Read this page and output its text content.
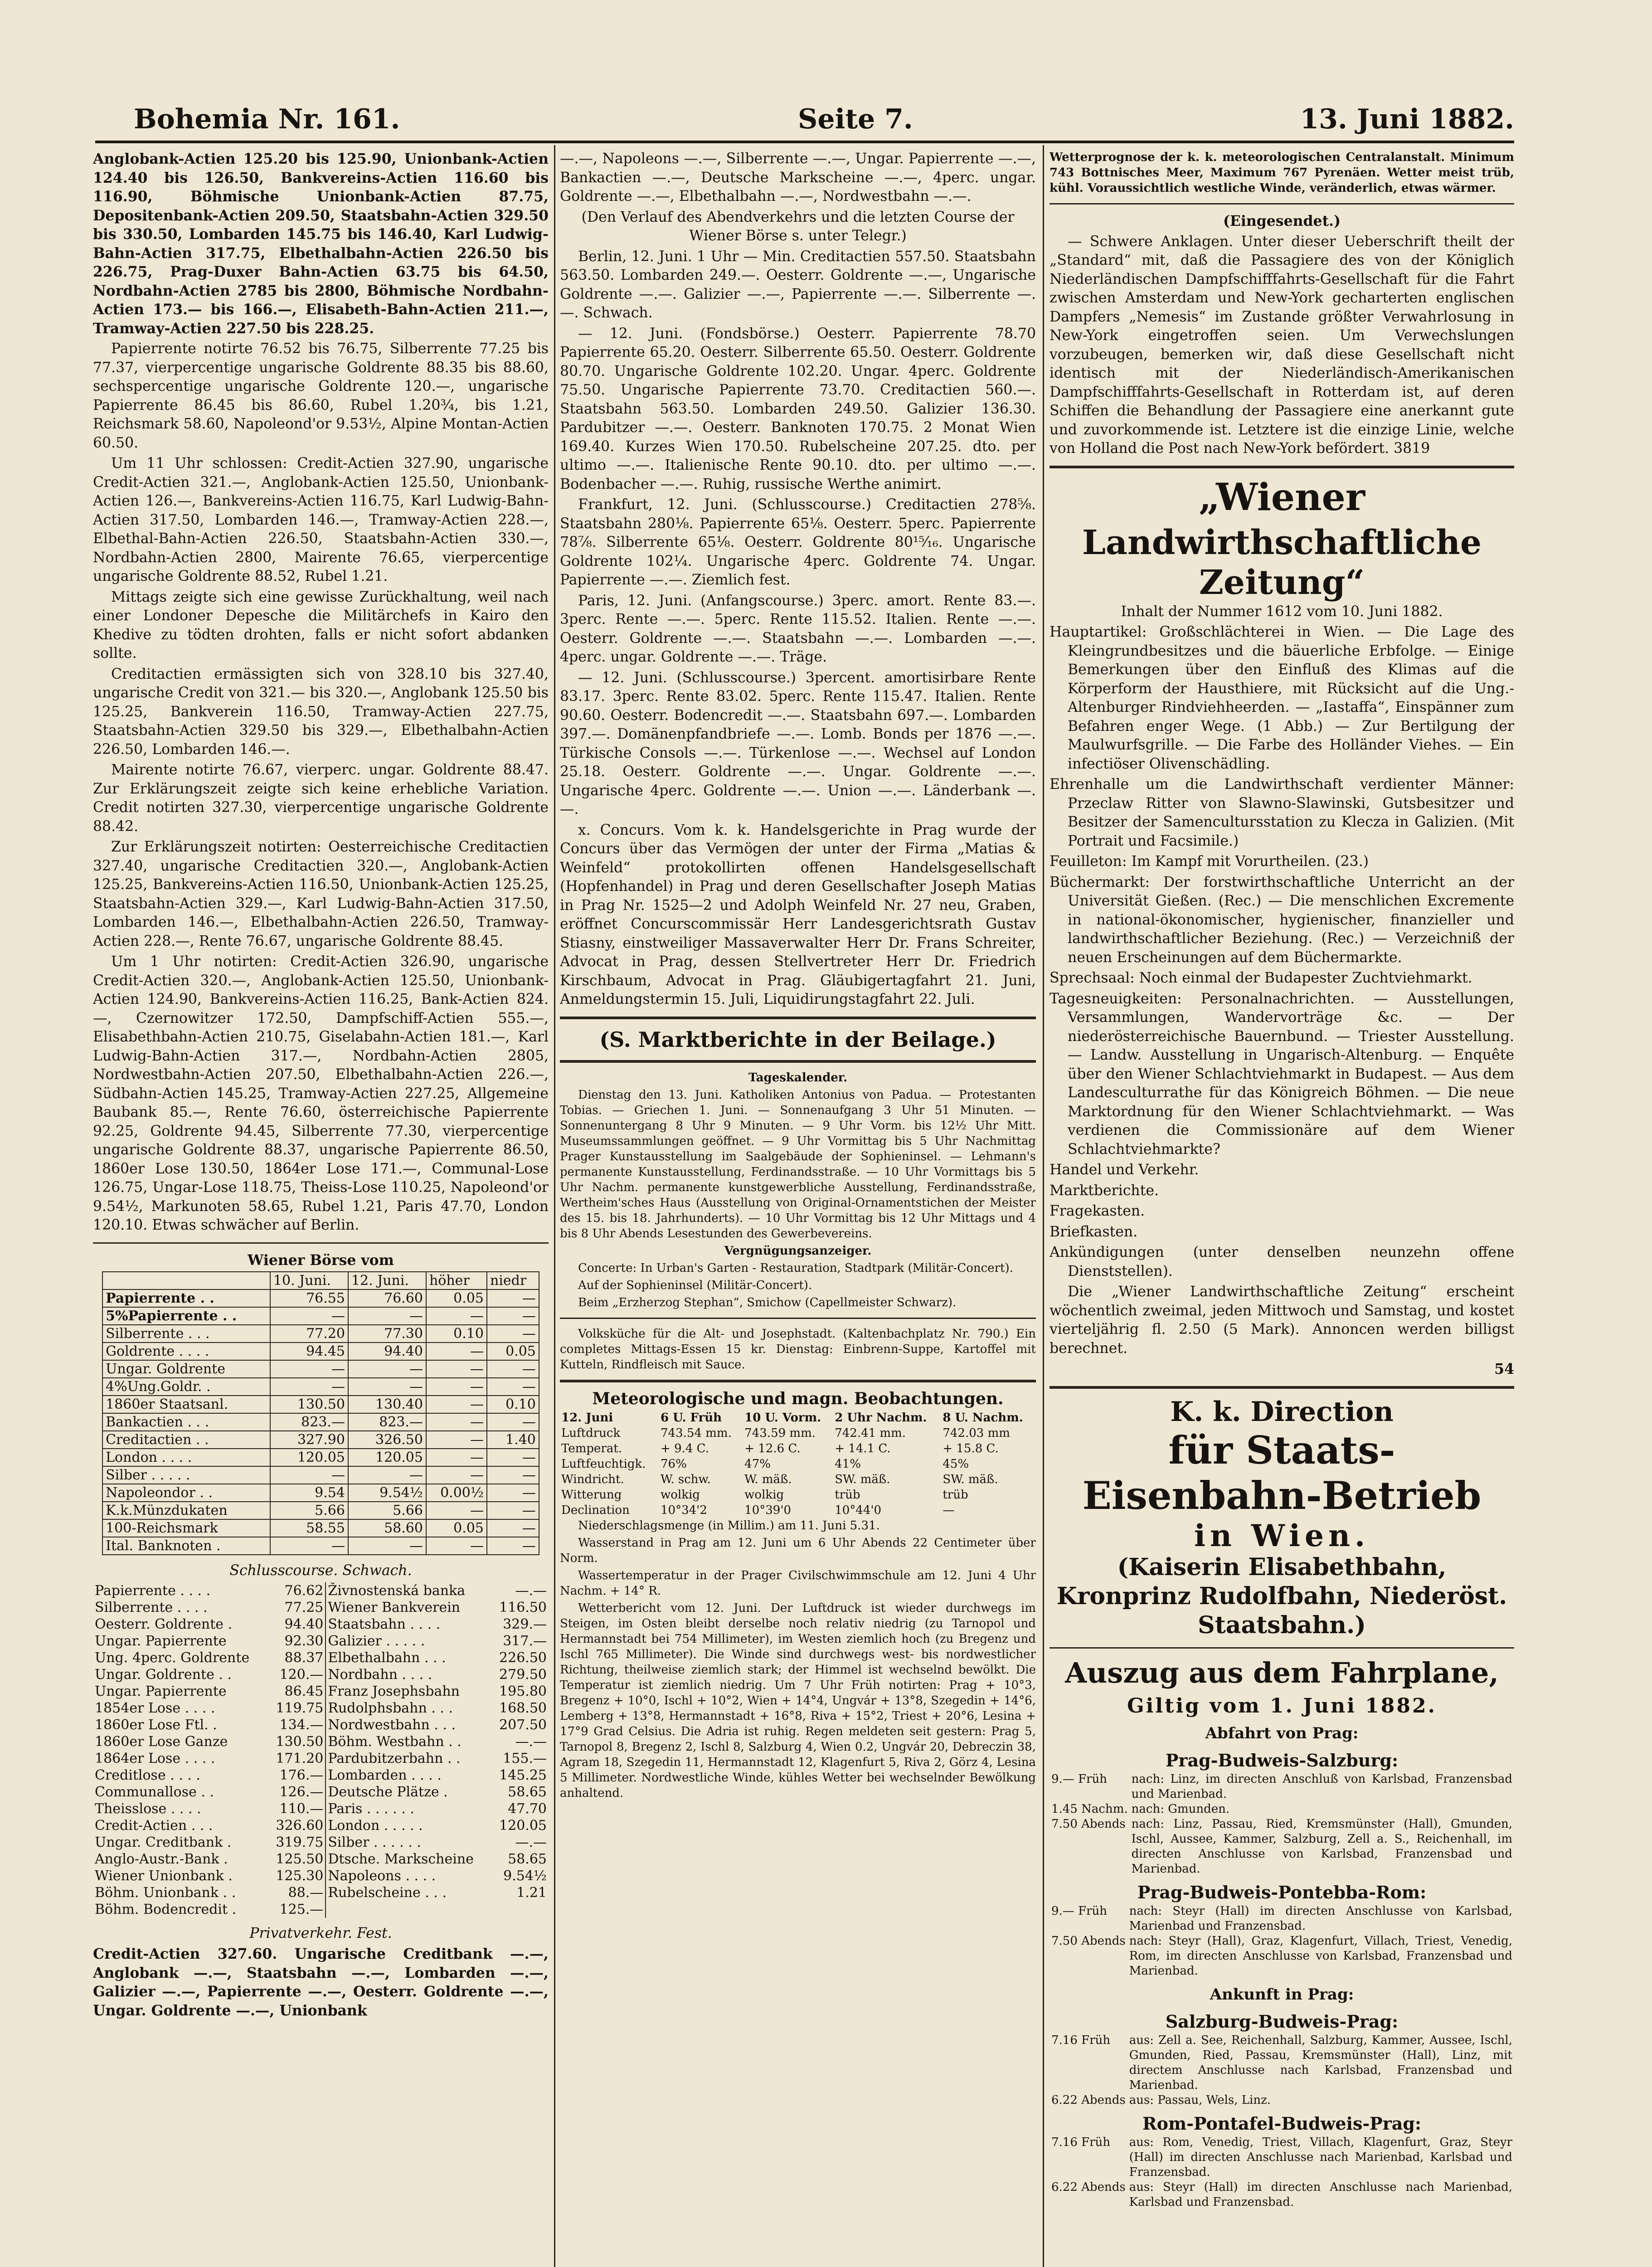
Bohemia Nr. 161.	Seite 7.	13. Juni 1882.

Anglobank-Actien 125.20 bis 125.90, Unionbank-Actien 124.40 bis 126.50, Bankvereins-Actien 116.60 bis 116.90, Böhmische Unionbank-Actien 87.75, Depositenbank-Actien 209.50, Staatsbahn-Actien 329.50 bis 330.50, Lombarden 145.75 bis 146.40, Karl Ludwig-Bahn-Actien 317.75, Elbethalbahn-Actien 226.50 bis 226.75, Prag-Duxer Bahn-Actien 63.75 bis 64.50, Nordbahn-Actien 2785 bis 2800, Böhmische Nordbahn-Actien 173.— bis 166.—, Elisabeth-Bahn-Actien 211.—, Tramway-Actien 227.50 bis 228.25.

Papierrente notirte 76.52 bis 76.75, Silberrente 77.25 bis 77.37, vierpercentige ungarische Goldrente 88.35 bis 88.60, sechspercentige ungarische Goldrente 120.—, ungarische Papierrente 86.45 bis 86.60, Rubel 1.20¾, bis 1.21, Reichsmark 58.60, Napoleond'or 9.53½, Alpine Montan-Actien 60.50.

Um 11 Uhr schlossen: Credit-Actien 327.90, ungarische Credit-Actien 321.—, Anglobank-Actien 125.50, Unionbank-Actien 126.—, Bankvereins-Actien 116.75, Karl Ludwig-Bahn-Actien 317.50, Lombarden 146.—, Tramway-Actien 228.—, Elbethal-Bahn-Actien 226.50, Staatsbahn-Actien 330.—, Nordbahn-Actien 2800, Mairente 76.65, vierpercentige ungarische Goldrente 88.52, Rubel 1.21.

Mittags zeigte sich eine gewisse Zurückhaltung, weil nach einer Londoner Depesche die Militärchefs in Kairo den Khedive zu tödten drohten, falls er nicht sofort abdanken sollte.

Creditactien ermässigten sich von 328.10 bis 327.40, ungarische Credit von 321.— bis 320.—, Anglobank 125.50 bis 125.25, Bankverein 116.50, Tramway-Actien 227.75, Staatsbahn-Actien 329.50 bis 329.—, Elbethalbahn-Actien 226.50, Lombarden 146.—.

Mairente notirte 76.67, vierperc. ungar. Goldrente 88.47. Zur Erklärungszeit zeigte sich keine erhebliche Variation. Credit notirten 327.30, vierpercentige ungarische Goldrente 88.42.

Zur Erklärungszeit notirten: Oesterreichische Creditactien 327.40, ungarische Creditactien 320.—, Anglobank-Actien 125.25, Bankvereins-Actien 116.50, Unionbank-Actien 125.25, Staatsbahn-Actien 329.—, Karl Ludwig-Bahn-Actien 317.50, Lombarden 146.—, Elbethalbahn-Actien 226.50, Tramway-Actien 228.—, Rente 76.67, ungarische Goldrente 88.45.

Um 1 Uhr notirten: Credit-Actien 326.90, ungarische Credit-Actien 320.—, Anglobank-Actien 125.50, Unionbank-Actien 124.90, Bankvereins-Actien 116.25, Bank-Actien 824.—, Czernowitzer 172.50, Dampfschiff-Actien 555.—, Elisabethbahn-Actien 210.75, Giselabahn-Actien 181.—, Karl Ludwig-Bahn-Actien 317.—, Nordbahn-Actien 2805, Nordwestbahn-Actien 207.50, Elbethalbahn-Actien 226.—, Südbahn-Actien 145.25, Tramway-Actien 227.25, Allgemeine Baubank 85.—, Rente 76.60, österreichische Papierrente 92.25, Goldrente 94.45, Silberrente 77.30, vierpercentige ungarische Goldrente 88.37, ungarische Papierrente 86.50, 1860er Lose 130.50, 1864er Lose 171.—, Communal-Lose 126.75, Ungar-Lose 118.75, Theiss-Lose 110.25, Napoleond'or 9.54½, Markunoten 58.65, Rubel 1.21, Paris 47.70, London 120.10. Etwas schwächer auf Berlin.

Wiener Börse vom

	10. Juni.	12. Juni.	höher	niedr
Papierrente . .	76.55	76.60	0.05	—
5%Papierrente . .	—	—	—	—
Silberrente . . .	77.20	77.30	0.10	—
Goldrente . . . .	94.45	94.40	—	0.05
Ungar. Goldrente	—	—	—	—
4%Ung.Goldr. .	—	—	—	—
1860er Staatsanl.	130.50	130.40	—	0.10
Bankactien . . .	823.—	823.—	—	—
Creditactien . .	327.90	326.50	—	1.40
London . . . .	120.05	120.05	—	—
Silber . . . . .	—	—	—	—
Napoleondor . .	9.54	9.54½	0.00½	—
K.k.Münzdukaten	5.66	5.66	—	—
100-Reichsmark	58.55	58.60	0.05	—
Ital. Banknoten .	—	—	—	—

Schlusscourse. Schwach.

Papierrente . . . .	76.62	Živnostenská banka	—.—
Silberrente . . . .	77.25	Wiener Bankverein	116.50
Oesterr. Goldrente .	94.40	Staatsbahn . . . .	329.—
Ungar. Papierrente	92.30	Galizier . . . . .	317.—
Ung. 4perc. Goldrente	88.37	Elbethalbahn . . .	226.50
Ungar. Goldrente . .	120.—	Nordbahn . . . .	279.50
Ungar. Papierrente	86.45	Franz Josephsbahn	195.80
1854er Lose . . . .	119.75	Rudolphsbahn . . .	168.50
1860er Lose Ftl. .	134.—	Nordwestbahn . . .	207.50
1860er Lose Ganze	130.50	Böhm. Westbahn . .	—.—
1864er Lose . . . .	171.20	Pardubitzerbahn . .	155.—
Creditlose . . . .	176.—	Lombarden . . . .	145.25
Communallose . .	126.—	Deutsche Plätze .	58.65
Theisslose . . . .	110.—	Paris . . . . . .	47.70
Credit-Actien . . .	326.60	London . . . . .	120.05
Ungar. Creditbank .	319.75	Silber . . . . . .	—.—
Anglo-Austr.-Bank .	125.50	Dtsche. Markscheine	58.65
Wiener Unionbank .	125.30	Napoleons . . . .	9.54½
Böhm. Unionbank . .	88.—	Rubelscheine . . .	1.21
Böhm. Bodencredit .	125.—		

Privatverkehr. Fest.

Credit-Actien 327.60. Ungarische Creditbank —.—, Anglobank —.—, Staatsbahn —.—, Lombarden —.—, Galizier —.—, Papierrente —.—, Oesterr. Goldrente —.—, Ungar. Goldrente —.—, Unionbank

—.—, Napoleons —.—, Silberrente —.—, Ungar. Papierrente —.—, Bankactien —.—, Deutsche Markscheine —.—, 4perc. ungar. Goldrente —.—, Elbethalbahn —.—, Nordwestbahn —.—.

(Den Verlauf des Abendverkehrs und die letzten Course der Wiener Börse s. unter Telegr.)

Berlin, 12. Juni. 1 Uhr — Min. Creditactien 557.50. Staatsbahn 563.50. Lombarden 249.—. Oesterr. Goldrente —.—, Ungarische Goldrente —.—. Galizier —.—, Papierrente —.—. Silberrente —.—. Schwach.

— 12. Juni. (Fondsbörse.) Oesterr. Papierrente 78.70 Papierrente 65.20. Oesterr. Silberrente 65.50. Oesterr. Goldrente 80.70. Ungarische Goldrente 102.20. Ungar. 4perc. Goldrente 75.50. Ungarische Papierrente 73.70. Creditactien 560.—. Staatsbahn 563.50. Lombarden 249.50. Galizier 136.30. Pardubitzer —.—. Oesterr. Banknoten 170.75. 2 Monat Wien 169.40. Kurzes Wien 170.50. Rubelscheine 207.25. dto. per ultimo —.—. Italienische Rente 90.10. dto. per ultimo —.—. Bodenbacher —.—. Ruhig, russische Werthe animirt.

Frankfurt, 12. Juni. (Schlusscourse.) Creditactien 278⅝. Staatsbahn 280⅛. Papierrente 65⅛. Oesterr. 5perc. Papierrente 78⅞. Silberrente 65⅛. Oesterr. Goldrente 80¹⁵⁄₁₆. Ungarische Goldrente 102¼. Ungarische 4perc. Goldrente 74. Ungar. Papierrente —.—. Ziemlich fest.

Paris, 12. Juni. (Anfangscourse.) 3perc. amort. Rente 83.—. 3perc. Rente —.—. 5perc. Rente 115.52. Italien. Rente —.—. Oesterr. Goldrente —.—. Staatsbahn —.—. Lombarden —.—. 4perc. ungar. Goldrente —.—. Träge.

— 12. Juni. (Schlusscourse.) 3percent. amortisirbare Rente 83.17. 3perc. Rente 83.02. 5perc. Rente 115.47. Italien. Rente 90.60. Oesterr. Bodencredit —.—. Staatsbahn 697.—. Lombarden 397.—. Domänenpfandbriefe —.—. Lomb. Bonds per 1876 —.—. Türkische Consols —.—. Türkenlose —.—. Wechsel auf London 25.18. Oesterr. Goldrente —.—. Ungar. Goldrente —.—. Ungarische 4perc. Goldrente —.—. Union —.—. Länderbank —.—.

x. Concurs. Vom k. k. Handelsgerichte in Prag wurde der Concurs über das Vermögen der unter der Firma „Matias & Weinfeld“ protokollirten offenen Handelsgesellschaft (Hopfenhandel) in Prag und deren Gesellschafter Joseph Matias in Prag Nr. 1525—2 und Adolph Weinfeld Nr. 27 neu, Graben, eröffnet Concurscommissär Herr Landesgerichtsrath Gustav Stiasny, einstweiliger Massaverwalter Herr Dr. Frans Schreiter, Advocat in Prag, dessen Stellvertreter Herr Dr. Friedrich Kirschbaum, Advocat in Prag. Gläubigertagfahrt 21. Juni, Anmeldungstermin 15. Juli, Liquidirungstagfahrt 22. Juli.

(S. Marktberichte in der Beilage.)

Tageskalender.

Dienstag den 13. Juni. Katholiken Antonius von Padua. — Protestanten Tobias. — Griechen 1. Juni. — Sonnenaufgang 3 Uhr 51 Minuten. — Sonnenuntergang 8 Uhr 9 Minuten. — 9 Uhr Vorm. bis 12½ Uhr Mitt. Museumssammlungen geöffnet. — 9 Uhr Vormittag bis 5 Uhr Nachmittag Prager Kunstausstellung im Saalgebäude der Sophieninsel. — Lehmann's permanente Kunstausstellung, Ferdinandsstraße. — 10 Uhr Vormittags bis 5 Uhr Nachm. permanente kunstgewerbliche Ausstellung, Ferdinandsstraße, Wertheim'sches Haus (Ausstellung von Original-Ornamentstichen der Meister des 15. bis 18. Jahrhunderts). — 10 Uhr Vormittag bis 12 Uhr Mittags und 4 bis 8 Uhr Abends Lesestunden des Gewerbevereins.

Vergnügungsanzeiger.

Concerte: In Urban's Garten - Restauration, Stadtpark (Militär-Concert).

Auf der Sophieninsel (Militär-Concert).

Beim „Erzherzog Stephan“, Smichow (Capellmeister Schwarz).

Volksküche für die Alt- und Josephstadt. (Kaltenbachplatz Nr. 790.) Ein completes Mittags-Essen 15 kr. Dienstag: Einbrenn-Suppe, Kartoffel mit Kutteln, Rindfleisch mit Sauce.

Meteorologische und magn. Beobachtungen.

12. Juni	6 U. Früh	10 U. Vorm.	2 Uhr Nachm.	8 U. Nachm.
Luftdruck	743.54 mm.	743.59 mm.	742.41 mm.	742.03 mm
Temperat.	+ 9.4 C.	+ 12.6 C.	+ 14.1 C.	+ 15.8 C.
Luftfeuchtigk.	76%	47%	41%	45%
Windricht.	W. schw.	W. mäß.	SW. mäß.	SW. mäß.
Witterung	wolkig	wolkig	trüb	trüb
Declination	10°34'2	10°39'0	10°44'0	—

Niederschlagsmenge (in Millim.) am 11. Juni 5.31.

Wasserstand in Prag am 12. Juni um 6 Uhr Abends 22 Centimeter über Norm.

Wassertemperatur in der Prager Civilschwimmschule am 12. Juni 4 Uhr Nachm. + 14° R.

Wetterbericht vom 12. Juni. Der Luftdruck ist wieder durchwegs im Steigen, im Osten bleibt derselbe noch relativ niedrig (zu Tarnopol und Hermannstadt bei 754 Millimeter), im Westen ziemlich hoch (zu Bregenz und Ischl 765 Millimeter). Die Winde sind durchwegs west- bis nordwestlicher Richtung, theilweise ziemlich stark; der Himmel ist wechselnd bewölkt. Die Temperatur ist ziemlich niedrig. Um 7 Uhr Früh notirten: Prag + 10°3, Bregenz + 10°0, Ischl + 10°2, Wien + 14°4, Ungvár + 13°8, Szegedin + 14°6, Lemberg + 13°8, Hermannstadt + 16°8, Riva + 15°2, Triest + 20°6, Lesina + 17°9 Grad Celsius. Die Adria ist ruhig. Regen meldeten seit gestern: Prag 5, Tarnopol 8, Bregenz 2, Ischl 8, Salzburg 4, Wien 0.2, Ungvár 20, Debreczin 38, Agram 18, Szegedin 11, Hermannstadt 12, Klagenfurt 5, Riva 2, Görz 4, Lesina 5 Millimeter. Nordwestliche Winde, kühles Wetter bei wechselnder Bewölkung anhaltend.

Wetterprognose der k. k. meteorologischen Centralanstalt. Minimum 743 Bottnisches Meer, Maximum 767 Pyrenäen. Wetter meist trüb, kühl. Voraussichtlich westliche Winde, veränderlich, etwas wärmer.

(Eingesendet.)

— Schwere Anklagen. Unter dieser Ueberschrift theilt der „Standard“ mit, daß die Passagiere des von der Königlich Niederländischen Dampfschifffahrts-Gesellschaft für die Fahrt zwischen Amsterdam und New-York gecharterten englischen Dampfers „Nemesis“ im Zustande größter Verwahrlosung in New-York eingetroffen seien. Um Verwechslungen vorzubeugen, bemerken wir, daß diese Gesellschaft nicht identisch mit der Niederländisch-Amerikanischen Dampfschifffahrts-Gesellschaft in Rotterdam ist, auf deren Schiffen die Behandlung der Passagiere eine anerkannt gute und zuvorkommende ist. Letztere ist die einzige Linie, welche von Holland die Post nach New-York befördert. 3819

„Wiener
Landwirthschaftliche Zeitung“

Inhalt der Nummer 1612 vom 10. Juni 1882.

Hauptartikel: Großschlächterei in Wien. — Die Lage des Kleingrundbesitzes und die bäuerliche Erbfolge. — Einige Bemerkungen über den Einfluß des Klimas auf die Körperform der Hausthiere, mit Rücksicht auf die Ung.-Altenburger Rindviehheerden. — „Iastaffa“, Einspänner zum Befahren enger Wege. (1 Abb.) — Zur Bertilgung der Maulwurfsgrille. — Die Farbe des Holländer Viehes. — Ein infectiöser Olivenschädling.

Ehrenhalle um die Landwirthschaft verdienter Männer: Przeclaw Ritter von Slawno-Slawinski, Gutsbesitzer und Besitzer der Samencultursstation zu Klecza in Galizien. (Mit Portrait und Facsimile.)

Feuilleton: Im Kampf mit Vorurtheilen. (23.)

Büchermarkt: Der forstwirthschaftliche Unterricht an der Universität Gießen. (Rec.) — Die menschlichen Excremente in national-ökonomischer, hygienischer, finanzieller und landwirthschaftlicher Beziehung. (Rec.) — Verzeichniß der neuen Erscheinungen auf dem Büchermarkte.

Sprechsaal: Noch einmal der Budapester Zuchtviehmarkt.

Tagesneuigkeiten: Personalnachrichten. — Ausstellungen, Versammlungen, Wandervorträge &c. — Der niederösterreichische Bauernbund. — Triester Ausstellung. — Landw. Ausstellung in Ungarisch-Altenburg. — Enquête über den Wiener Schlachtviehmarkt in Budapest. — Aus dem Landesculturrathe für das Königreich Böhmen. — Die neue Marktordnung für den Wiener Schlachtviehmarkt. — Was verdienen die Commissionäre auf dem Wiener Schlachtviehmarkte?

Handel und Verkehr.

Marktberichte.

Fragekasten.

Briefkasten.

Ankündigungen (unter denselben neunzehn offene Dienststellen).

Die „Wiener Landwirthschaftliche Zeitung“ erscheint wöchentlich zweimal, jeden Mittwoch und Samstag, und kostet vierteljährig fl. 2.50 (5 Mark). Annoncen werden billigst berechnet.

54

K. k. Direction
für Staats-Eisenbahn-Betrieb
in Wien.
(Kaiserin Elisabethbahn, Kronprinz Rudolfbahn, Niederöst. Staatsbahn.)
Auszug aus dem Fahrplane,
Giltig vom 1. Juni 1882.
Abfahrt von Prag:
Prag-Budweis-Salzburg:
9.— Früh	nach: Linz, im directen Anschluß von Karlsbad, Franzensbad und Marienbad.
1.45 Nachm.	nach: Gmunden.
7.50 Abends	nach: Linz, Passau, Ried, Kremsmünster (Hall), Gmunden, Ischl, Aussee, Kammer, Salzburg, Zell a. S., Reichenhall, im directen Anschlusse von Karlsbad, Franzensbad und Marienbad.
Prag-Budweis-Pontebba-Rom:
9.— Früh	nach: Steyr (Hall) im directen Anschlusse von Karlsbad, Marienbad und Franzensbad.
7.50 Abends	nach: Steyr (Hall), Graz, Klagenfurt, Villach, Triest, Venedig, Rom, im directen Anschlusse von Karlsbad, Franzensbad und Marienbad.
Ankunft in Prag:
Salzburg-Budweis-Prag:
7.16 Früh	aus: Zell a. See, Reichenhall, Salzburg, Kammer, Aussee, Ischl, Gmunden, Ried, Passau, Kremsmünster (Hall), Linz, mit directem Anschlusse nach Karlsbad, Franzensbad und Marienbad.
6.22 Abends	aus: Passau, Wels, Linz.
Rom-Pontafel-Budweis-Prag:
7.16 Früh	aus: Rom, Venedig, Triest, Villach, Klagenfurt, Graz, Steyr (Hall) im directen Anschlusse nach Marienbad, Karlsbad und Franzensbad.
6.22 Abends	aus: Steyr (Hall) im directen Anschlusse nach Marienbad, Karlsbad und Franzensbad.
